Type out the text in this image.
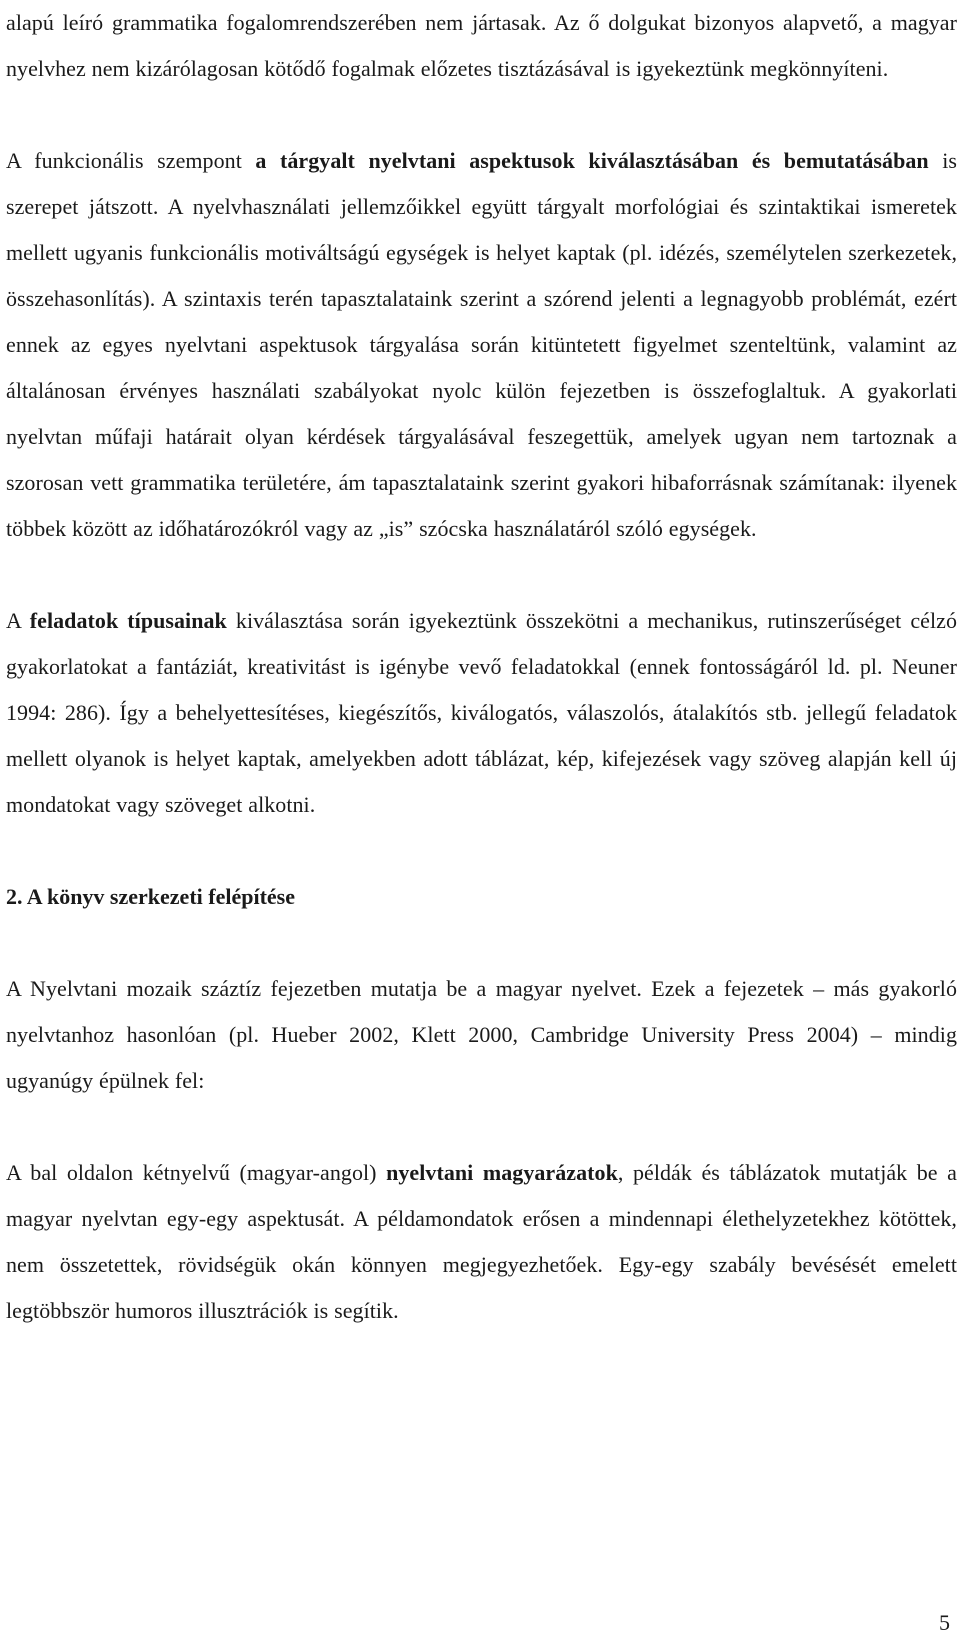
alapú leíró grammatika fogalomrendszerében nem jártasak. Az ő dolgukat bizonyos alapvető, a magyar nyelvhez nem kizárólagosan kötődő fogalmak előzetes tisztázásával is igyekeztünk megkönnyíteni.

A funkcionális szempont a tárgyalt nyelvtani aspektusok kiválasztásában és bemutatásában is szerepet játszott. A nyelvhasználati jellemzőikkel együtt tárgyalt morfológiai és szintaktikai ismeretek mellett ugyanis funkcionális motiváltságú egységek is helyet kaptak (pl. idézés, személytelen szerkezetek, összehasonlítás). A szintaxis terén tapasztalataink szerint a szórend jelenti a legnagyobb problémát, ezért ennek az egyes nyelvtani aspektusok tárgyalása során kitüntetett figyelmet szenteltünk, valamint az általánosan érvényes használati szabályokat nyolc külön fejezetben is összefoglaltuk. A gyakorlati nyelvtan műfaji határait olyan kérdések tárgyalásával feszegettük, amelyek ugyan nem tartoznak a szorosan vett grammatika területére, ám tapasztalataink szerint gyakori hibaforrásnak számítanak: ilyenek többek között az időhatározókról vagy az „is” szócska használatáról szóló egységek.

A feladatok típusainak kiválasztása során igyekeztünk összekötni a mechanikus, rutinszerűséget célzó gyakorlatokat a fantáziát, kreativitást is igénybe vevő feladatokkal (ennek fontosságáról ld. pl. Neuner 1994: 286). Így a behelyettesítéses, kiegészítős, kiválogatós, válaszolós, átalakítós stb. jellegű feladatok mellett olyanok is helyet kaptak, amelyekben adott táblázat, kép, kifejezések vagy szöveg alapján kell új mondatokat vagy szöveget alkotni.

2. A könyv szerkezeti felépítése

A Nyelvtani mozaik száztíz fejezetben mutatja be a magyar nyelvet. Ezek a fejezetek – más gyakorló nyelvtanhoz hasonlóan (pl. Hueber 2002, Klett 2000, Cambridge University Press 2004) – mindig ugyanúgy épülnek fel:

A bal oldalon kétnyelvű (magyar-angol) nyelvtani magyarázatok, példák és táblázatok mutatják be a magyar nyelvtan egy-egy aspektusát. A példamondatok erősen a mindennapi élethelyzetekhez kötöttek, nem összetettek, rövidségük okán könnyen megjegyezhetőek. Egy-egy szabály bevésését emelett legtöbbször humoros illusztrációk is segítik.

5
